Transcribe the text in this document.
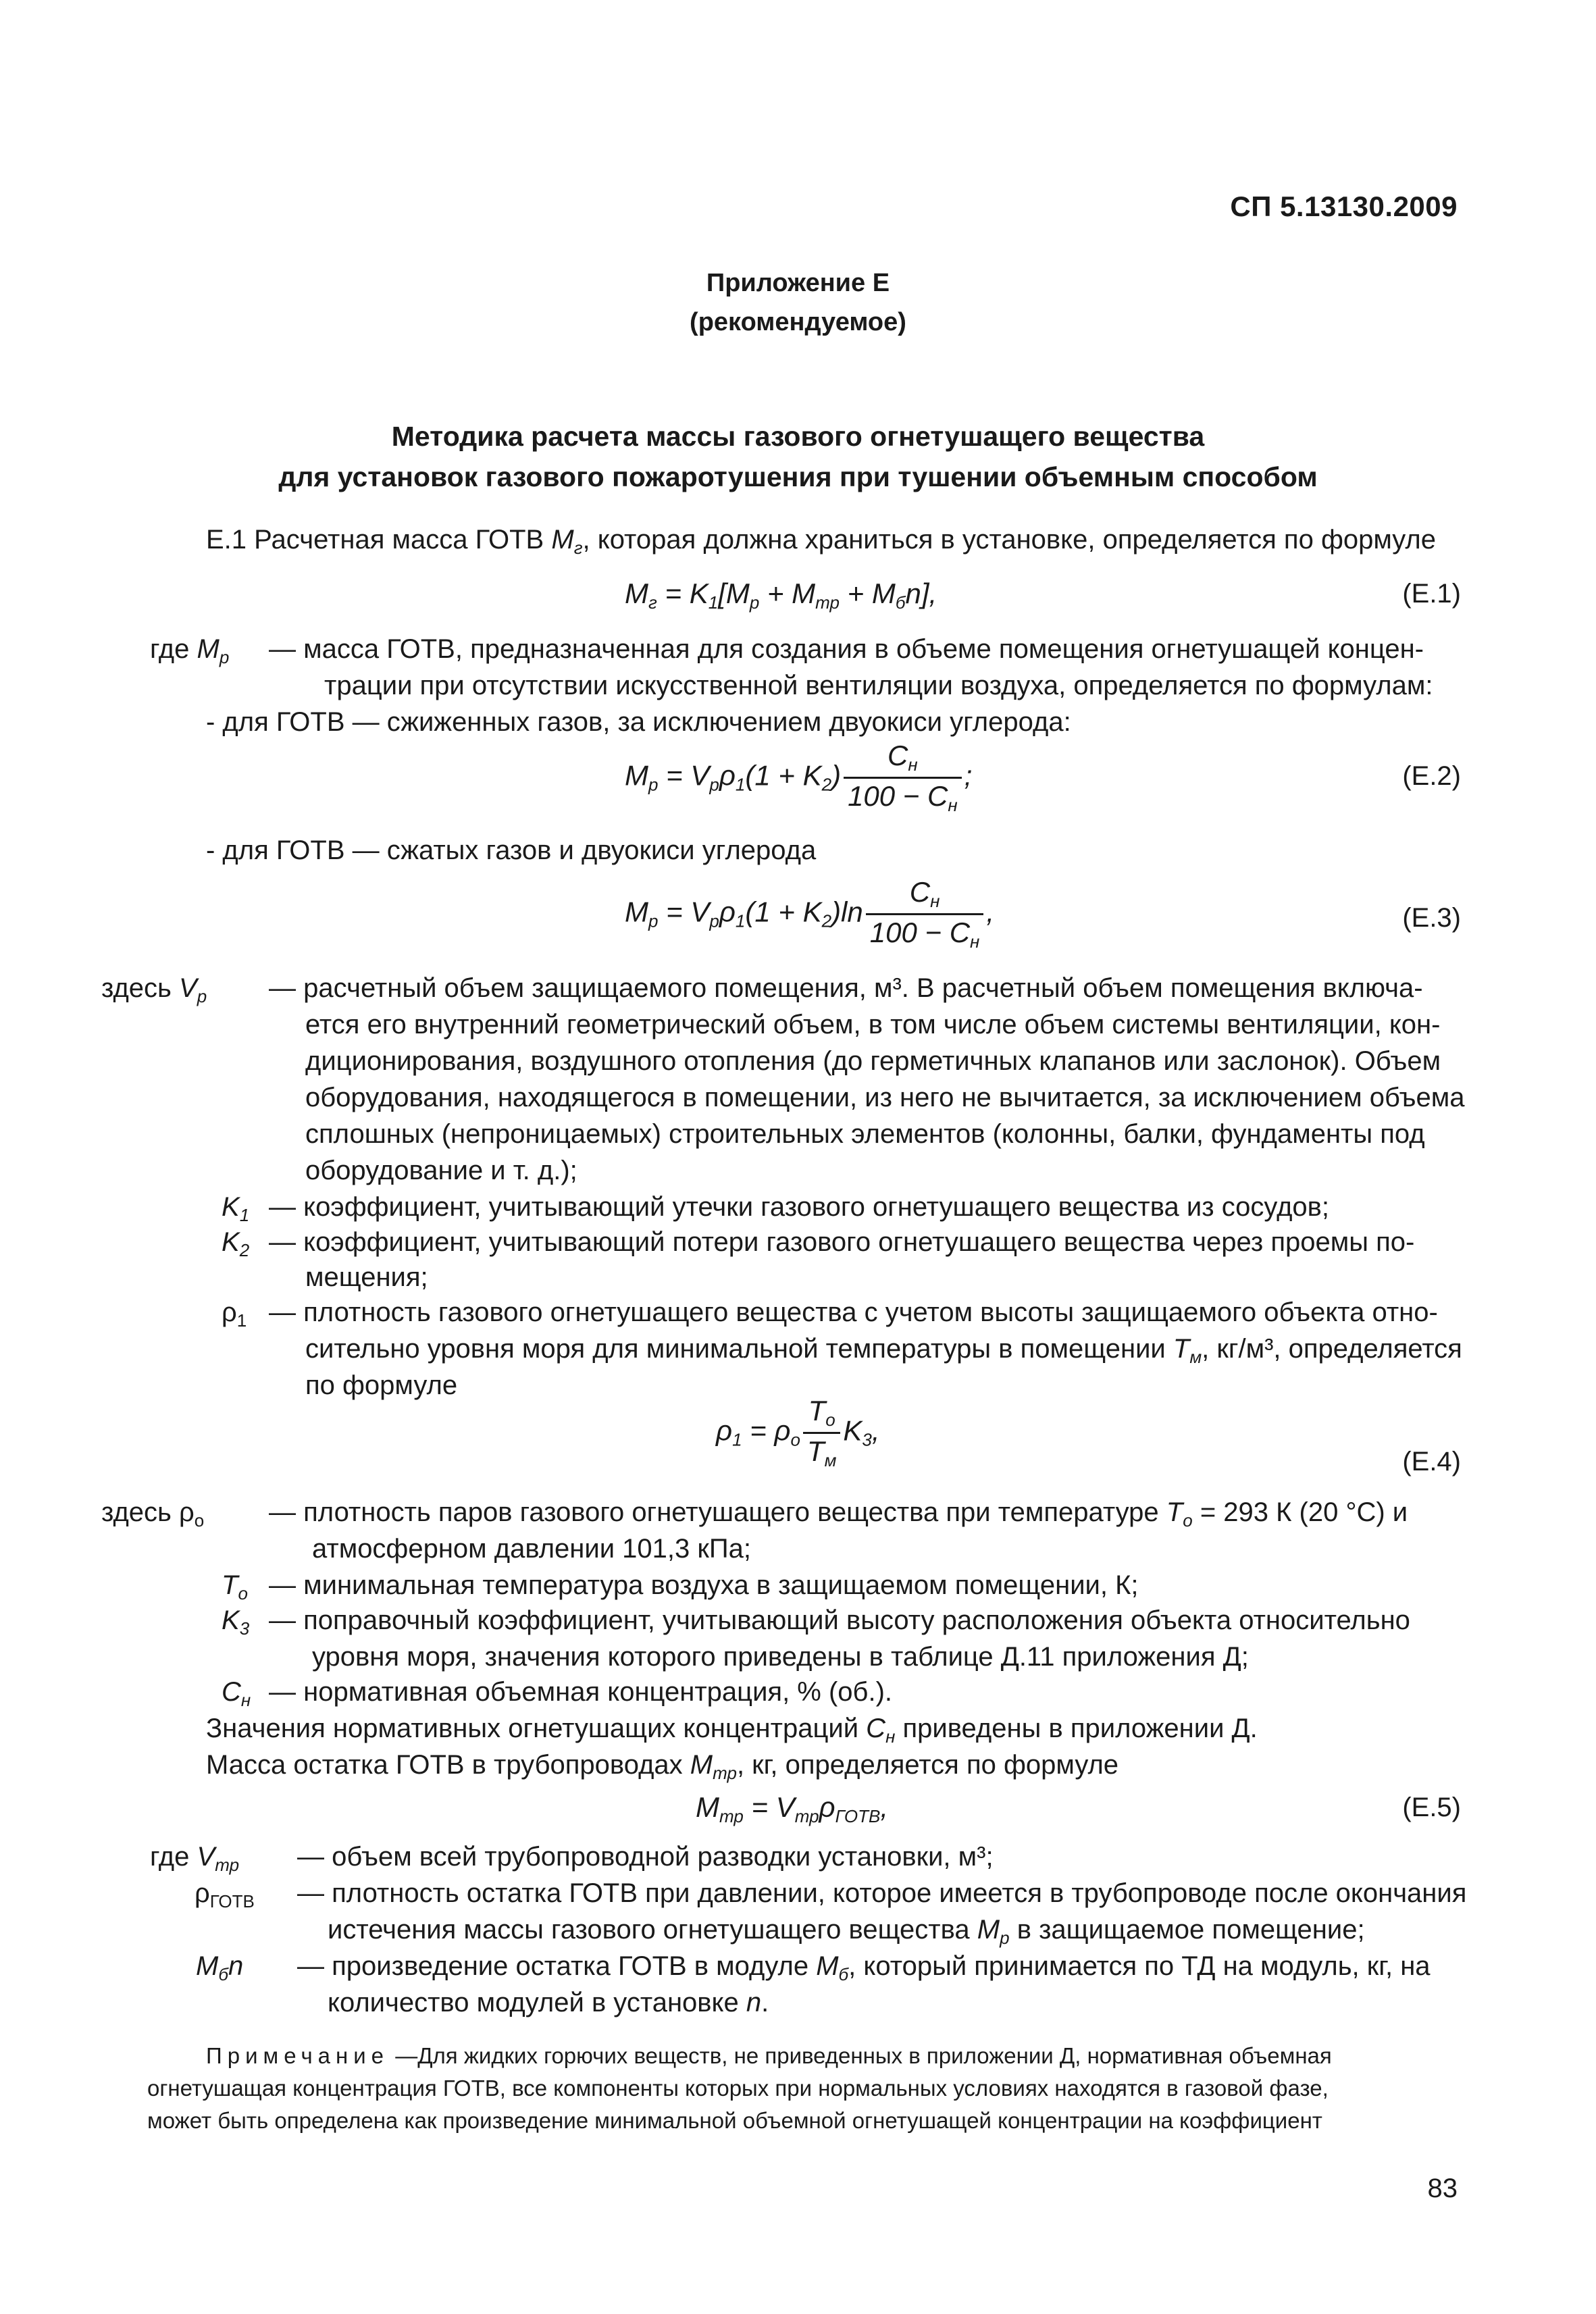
СП 5.13130.2009
Приложение Е
(рекомендуемое)
Методика расчета массы газового огнетушащего вещества
для установок газового пожаротушения при тушении объемным способом
Е.1 Расчетная масса ГОТВ $M_г$, которая должна храниться в установке, определяется по формуле
$M_г = K_1[M_р + M_{тр} + M_бn]$,	(Е.1)
где $M_р$ — масса ГОТВ, предназначенная для создания в объеме помещения огнетушащей концен-
трации при отсутствии искусственной вентиляции воздуха, определяется по формулам:
- для ГОТВ — сжиженных газов, за исключением двуокиси углерода:
$M_р = V_р\rho_1(1 + K_2) \frac{C_н}{100 - C_н}$ ;	(Е.2)
- для ГОТВ — сжатых газов и двуокиси углерода
$M_р = V_р\rho_1(1 + K_2)\ln \frac{C_н}{100 - C_н}$ ,	(Е.3)
здесь $V_р$ — расчетный объем защищаемого помещения, м³. В расчетный объем помещения включа-
ется его внутренний геометрический объем, в том числе объем системы вентиляции, кон-
диционирования, воздушного отопления (до герметичных клапанов или заслонок). Объем
оборудования, находящегося в помещении, из него не вычитается, за исключением объема
сплошных (непроницаемых) строительных элементов (колонны, балки, фундаменты под
оборудование и т. д.);
$K_1$ — коэффициент, учитывающий утечки газового огнетушащего вещества из сосудов;
$K_2$ — коэффициент, учитывающий потери газового огнетушащего вещества через проемы по-
мещения;
$\rho_1$ — плотность газового огнетушащего вещества с учетом высоты защищаемого объекта отно-
сительно уровня моря для минимальной температуры в помещении $T_м$, кг/м³, определяется
по формуле
$\rho_1 = \rho_о \frac{T_о}{T_м} K_3$,
(Е.4)
здесь $\rho_о$ — плотность паров газового огнетушащего вещества при температуре $T_о = 293$ К (20 °С) и
атмосферном давлении 101,3 кПа;
$T_о$ — минимальная температура воздуха в защищаемом помещении, К;
$K_3$ — поправочный коэффициент, учитывающий высоту расположения объекта относительно
уровня моря, значения которого приведены в таблице Д.11 приложения Д;
$C_н$ — нормативная объемная концентрация, % (об.).
Значения нормативных огнетушащих концентраций $C_н$ приведены в приложении Д.
Масса остатка ГОТВ в трубопроводах $M_{тр}$, кг, определяется по формуле
$M_{тр} = V_{тр}\rho_{ГОТВ}$,	(Е.5)
где $V_{тр}$ — объем всей трубопроводной разводки установки, м³;
$\rho_{ГОТВ}$ — плотность остатка ГОТВ при давлении, которое имеется в трубопроводе после окончания
истечения массы газового огнетушащего вещества $M_р$ в защищаемое помещение;
$M_бn$ — произведение остатка ГОТВ в модуле $M_б$, который принимается по ТД на модуль, кг, на
количество модулей в установке n.
Примечание —Для жидких горючих веществ, не приведенных в приложении Д, нормативная объемная
огнетушащая концентрация ГОТВ, все компоненты которых при нормальных условиях находятся в газовой фазе,
может быть определена как произведение минимальной объемной огнетушащей концентрации на коэффициент
83
